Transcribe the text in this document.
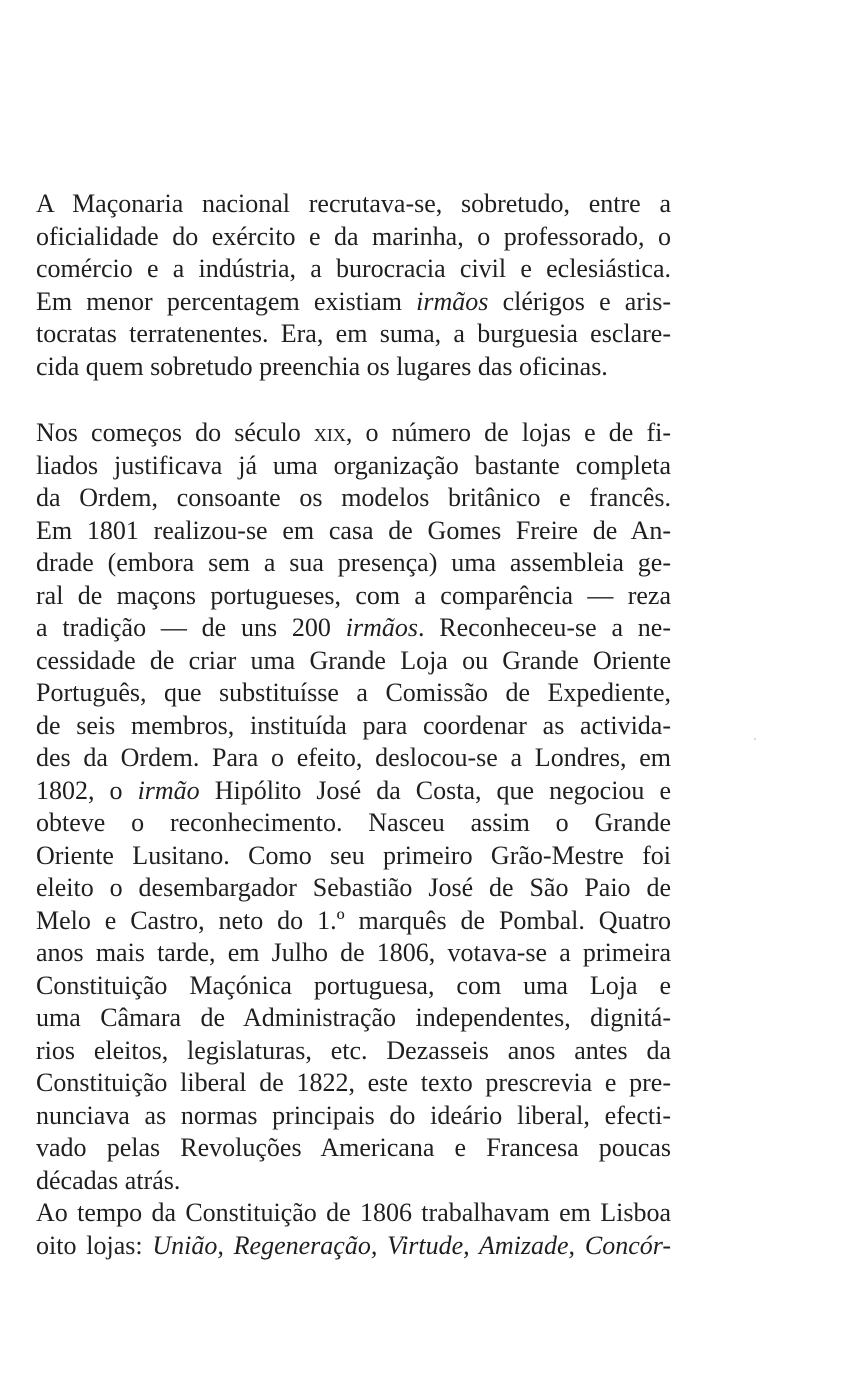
A Maçonaria nacional recrutava-se, sobretudo, entre a
oficialidade do exército e da marinha, o professorado, o
comércio e a indústria, a burocracia civil e eclesiástica.
Em menor percentagem existiam irmãos clérigos e aris-
tocratas terratenentes. Era, em suma, a burguesia esclare-
cida quem sobretudo preenchia os lugares das oficinas.
Nos começos do século xix, o número de lojas e de fi-
liados justificava já uma organização bastante completa
da Ordem, consoante os modelos britânico e francês.
Em 1801 realizou-se em casa de Gomes Freire de An-
drade (embora sem a sua presença) uma assembleia ge-
ral de maçons portugueses, com a comparência — reza
a tradição — de uns 200 irmãos. Reconheceu-se a ne-
cessidade de criar uma Grande Loja ou Grande Oriente
Português, que substituísse a Comissão de Expediente,
de seis membros, instituída para coordenar as activida-
des da Ordem. Para o efeito, deslocou-se a Londres, em
1802, o irmão Hipólito José da Costa, que negociou e
obteve o reconhecimento. Nasceu assim o Grande
Oriente Lusitano. Como seu primeiro Grão-Mestre foi
eleito o desembargador Sebastião José de São Paio de
Melo e Castro, neto do 1.º marquês de Pombal. Quatro
anos mais tarde, em Julho de 1806, votava-se a primeira
Constituição Maçónica portuguesa, com uma Loja e
uma Câmara de Administração independentes, dignitá-
rios eleitos, legislaturas, etc. Dezasseis anos antes da
Constituição liberal de 1822, este texto prescrevia e pre-
nunciava as normas principais do ideário liberal, efecti-
vado pelas Revoluções Americana e Francesa poucas
décadas atrás.
Ao tempo da Constituição de 1806 trabalhavam em Lisboa
oito lojas: União, Regeneração, Virtude, Amizade, Concór-
